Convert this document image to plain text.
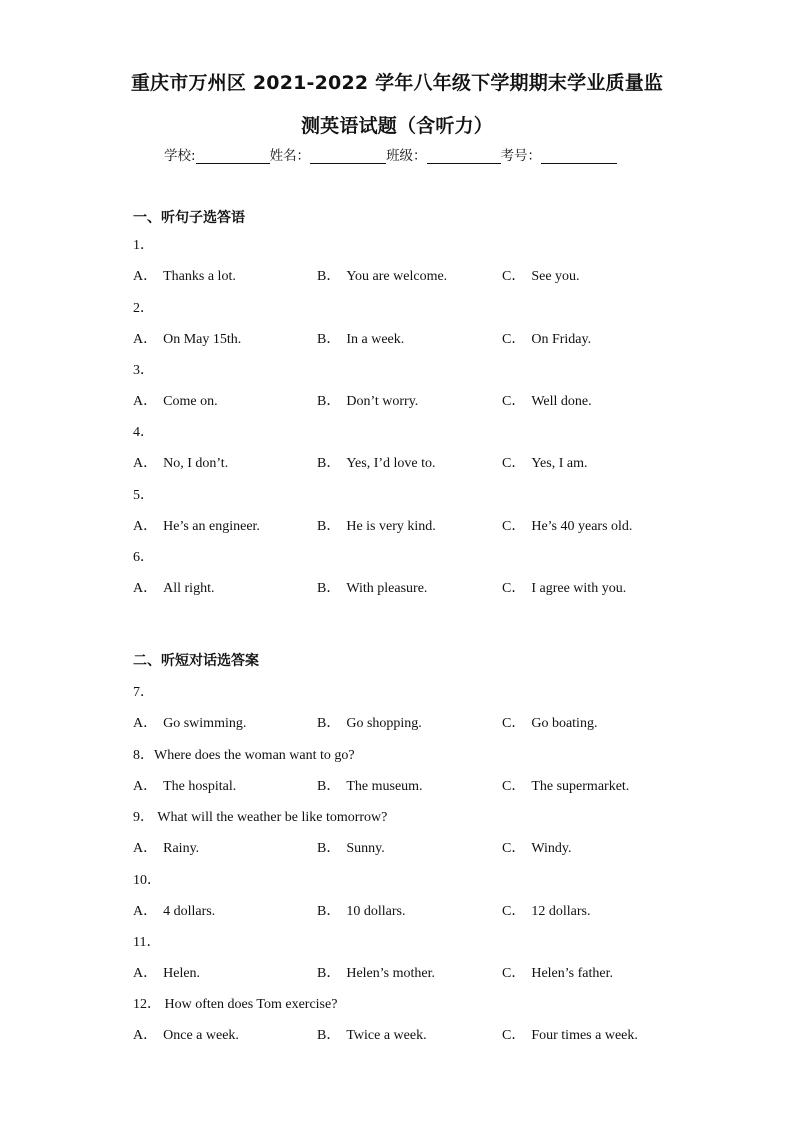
重庆市万州区 2021-2022 学年八年级下学期期末学业质量监
测英语试题（含听力）
学校:	姓名：	班级：	考号：
一、听句子选答语
1．
A． Thanks a lot.	B． You are welcome.	C． See you.
2．
A． On May 15th.	B． In a week.	C． On Friday.
3．
A． Come on.	B． Don’t worry.	C． Well done.
4．
A． No, I don’t.	B． Yes, I’d love to.	C． Yes, I am.
5．
A． He’s an engineer.	B． He is very kind.	C． He’s 40 years old.
6．
A． All right.	B． With pleasure.	C． I agree with you.
二、听短对话选答案
7．
A． Go swimming.	B． Go shopping.	C． Go boating.
8．Where does the woman want to go?
A． The hospital.	B． The museum.	C． The supermarket.
9． What will the weather be like tomorrow?
A． Rainy.	B． Sunny.	C． Windy.
10．
A． 4 dollars.	B． 10 dollars.	C． 12 dollars.
11．
A． Helen.	B． Helen’s mother.	C． Helen’s father.
12． How often does Tom exercise?
A． Once a week.	B． Twice a week.	C． Four times a week.
